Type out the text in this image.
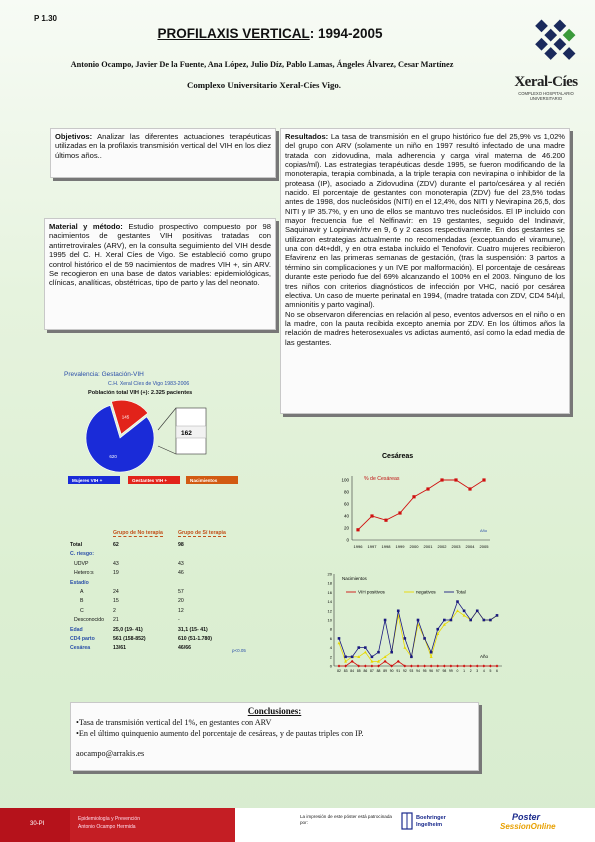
P 1.30
PROFILAXIS VERTICAL: 1994-2005
Antonio Ocampo, Javier De la Fuente, Ana López, Julio Díz, Pablo Lamas, Ángeles Álvarez, Cesar Martínez
Complexo Universitario Xeral-Cíes Vigo.	Xeral-Cíes
COMPLEXO HOSPITALARIO UNIVERSITARIO
Objetivos: Analizar las diferentes actuaciones terapéuticas utilizadas en la profilaxis transmisión vertical del VIH en los diez últimos años..
Material y método: Estudio prospectivo compuesto por 98 nacimientos de gestantes VIH positivas tratadas con antirretrovirales (ARV), en la consulta seguimiento del VIH desde 1995 del C. H. Xeral Cíes de Vigo. Se estableció como grupo control histórico el de 59 nacimientos de madres VIH +, sin ARV. Se recogieron en una base de datos variables: epidemiológicas, clínicas, analíticas, obstétricas, tipo de parto y las del neonato.
Resultados: La tasa de transmisión en el grupo histórico fue del 25,9% vs 1,02% del grupo con ARV (solamente un niño en 1997 resultó infectado de una madre tratada con zidovudina, mala adherencia y carga viral materna de 46.200 copias/ml). Las estrategias terapéuticas desde 1995, se fueron modificando de la monoterapia, terapia combinada, a la triple terapia con nevirapina o inhibidor de la proteasa (IP), asociado a Zidovudina (ZDV) durante el parto/cesárea y al recién nacido. El porcentaje de gestantes con monoterapia (ZDV) fue del 23,5% todas antes de 1998, dos nucleósidos (NITI) en el 12,4%, dos NITI y Nevirapina 26,5, dos NITI y IP 35.7%, y en uno de ellos se mantuvo tres nucleósidos. El IP incluido con mayor frecuencia fue el Nelfinavir: en 19 gestantes, seguido del Indinavir, Saquinavir y Lopinavir/rtv en 9, 6 y 2 casos respectivamente. En dos gestantes se utilizaron estrategias actualmente no recomendadas (exceptuando el viramune), una con d4t+ddI, y en otra estaba incluido el Tenofovir. Cuatro mujeres recibieron Efavirenz en las primeras semanas de gestación, (tras la suspensión: 3 partos a término sin complicaciones y un IVE por malformación). El porcentaje de cesáreas durante este periodo fue del 69% alcanzando el 100% en el 2003. Ninguno de los tres niños con criterios diagnósticos de infección por VHC, nació por cesárea electiva. Un caso de muerte perinatal en 1994, (madre tratada con ZDV, CD4 54/µl, amnionitis y parto vaginal).
No se observaron diferencias en relación al peso, eventos adversos en el niño o en la madre, con la pauta recibida excepto anemia por ZDV. En los últimos años la relación de madres heterosexuales vs adictas aumentó, así como la edad media de las gestantes.
Prevalencia: Gestación-VIH
C.H. Xeral Cíes de Vigo 1983-2006
Población total VIH (+): 2.325 pacientes
620
145
162
Mujeres VIH +	Gestantes VIH +	Nacimientos
Grupo de No terapia	Grupo de Sí terapia
Total	62	98
C. riesgo:
UDVP	43	43
Hetero:s	19	46
Estadío
A	24	57
B	15	20
C	2	12
Desconocido 21	-
Edad	25,0 (19- 41)	31,1 (15- 41)
CD4 parto	561 (158-852)	610 (51-1.780)
Cesárea	13/61	46/66	p<0.05
Cesáreas
% de Cesáreas
0
20
40
60
80
100
1996 1997 1998 1999 2000 2001 2002 2003 2004 2005
Año
Nacimientos
0
2
4
6
8
10
12
14
16
18
20
82 83 84 85 86 87 88 89 90 91 92 93 94 95 96 97 98 99 0 1 2 3 4 5 6
Año
VIH positivos	negativos	Total
Conclusiones:
•Tasa de transmisión vertical del 1%, en gestantes con ARV
•En el último quinquenio aumento del porcentaje de cesáreas, y de pautas triples con IP.
aocampo@arrakis.es
30-PI
Epidemiología y Prevención
Antonio Ocampo Hermida
La impresión de este póster está patrocinada por:
Boehringer Ingelheim
Poster
SessionOnline
